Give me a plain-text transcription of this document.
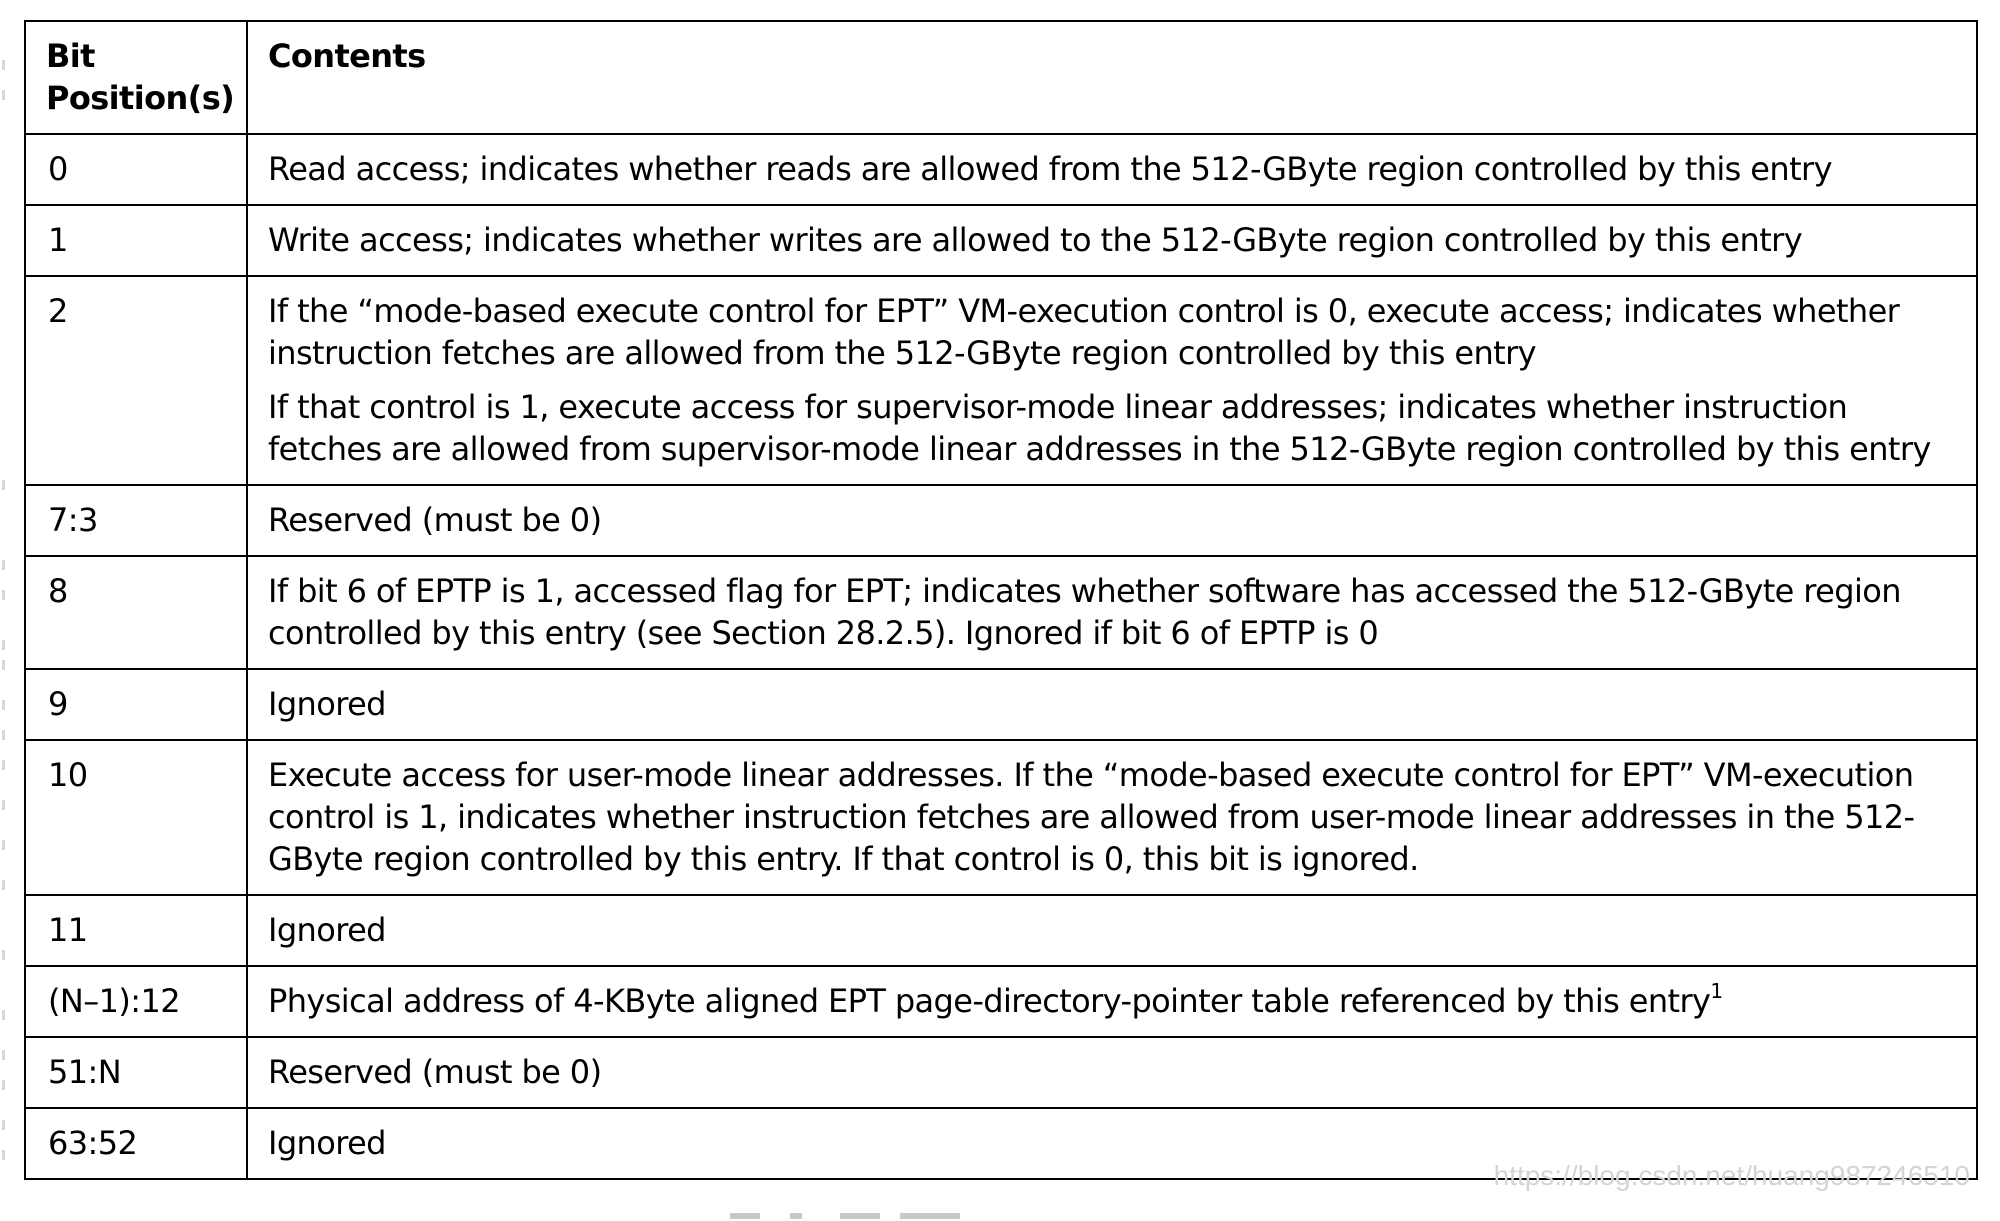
Bit Position(s)	Contents
0	Read access; indicates whether reads are allowed from the 512-GByte region controlled by this entry

1	Write access; indicates whether writes are allowed to the 512-GByte region controlled by this entry

2	If the “mode-based execute control for EPT” VM-execution control is 0, execute access; indicates whether instruction fetches are allowed from the 512-GByte region controlled by this entry
If that control is 1, execute access for supervisor-mode linear addresses; indicates whether instruction fetches are allowed from supervisor-mode linear addresses in the 512-GByte region controlled by this entry

7:3	Reserved (must be 0)

8	If bit 6 of EPTP is 1, accessed flag for EPT; indicates whether software has accessed the 512-GByte region controlled by this entry (see Section 28.2.5). Ignored if bit 6 of EPTP is 0

9	Ignored

10	Execute access for user-mode linear addresses. If the “mode-based execute control for EPT” VM-execution control is 1, indicates whether instruction fetches are allowed from user-mode linear addresses in the 512-GByte region controlled by this entry. If that control is 0, this bit is ignored.

11	Ignored

(N–1):12	Physical address of 4-KByte aligned EPT page-directory-pointer table referenced by this entry$^1$

51:N	Reserved (must be 0)

63:52	Ignored
https://blog.csdn.net/huang987246510
